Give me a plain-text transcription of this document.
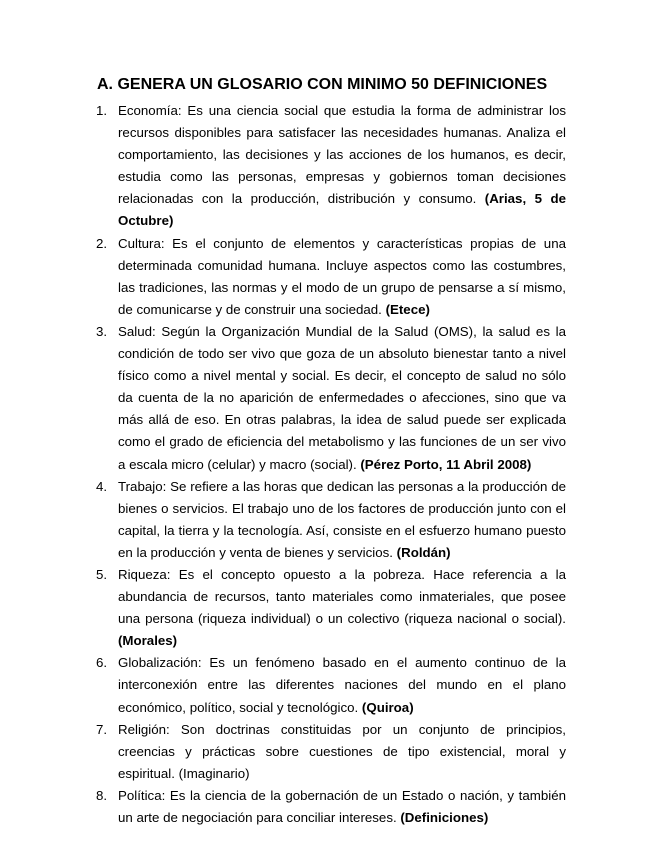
A. GENERA UN GLOSARIO CON MINIMO 50 DEFINICIONES
1. Economía: Es una ciencia social que estudia la forma de administrar los recursos disponibles para satisfacer las necesidades humanas. Analiza el comportamiento, las decisiones y las acciones de los humanos, es decir, estudia como las personas, empresas y gobiernos toman decisiones relacionadas con la producción, distribución y consumo. (Arias, 5 de Octubre)
2. Cultura: Es el conjunto de elementos y características propias de una determinada comunidad humana. Incluye aspectos como las costumbres, las tradiciones, las normas y el modo de un grupo de pensarse a sí mismo, de comunicarse y de construir una sociedad. (Etece)
3. Salud: Según la Organización Mundial de la Salud (OMS), la salud es la condición de todo ser vivo que goza de un absoluto bienestar tanto a nivel físico como a nivel mental y social. Es decir, el concepto de salud no sólo da cuenta de la no aparición de enfermedades o afecciones, sino que va más allá de eso. En otras palabras, la idea de salud puede ser explicada como el grado de eficiencia del metabolismo y las funciones de un ser vivo a escala micro (celular) y macro (social). (Pérez Porto, 11 Abril 2008)
4. Trabajo: Se refiere a las horas que dedican las personas a la producción de bienes o servicios. El trabajo uno de los factores de producción junto con el capital, la tierra y la tecnología. Así, consiste en el esfuerzo humano puesto en la producción y venta de bienes y servicios. (Roldán)
5. Riqueza: Es el concepto opuesto a la pobreza. Hace referencia a la abundancia de recursos, tanto materiales como inmateriales, que posee una persona (riqueza individual) o un colectivo (riqueza nacional o social). (Morales)
6. Globalización: Es un fenómeno basado en el aumento continuo de la interconexión entre las diferentes naciones del mundo en el plano económico, político, social y tecnológico. (Quiroa)
7. Religión: Son doctrinas constituidas por un conjunto de principios, creencias y prácticas sobre cuestiones de tipo existencial, moral y espiritual. (Imaginario)
8. Política: Es la ciencia de la gobernación de un Estado o nación, y también un arte de negociación para conciliar intereses. (Definiciones)
